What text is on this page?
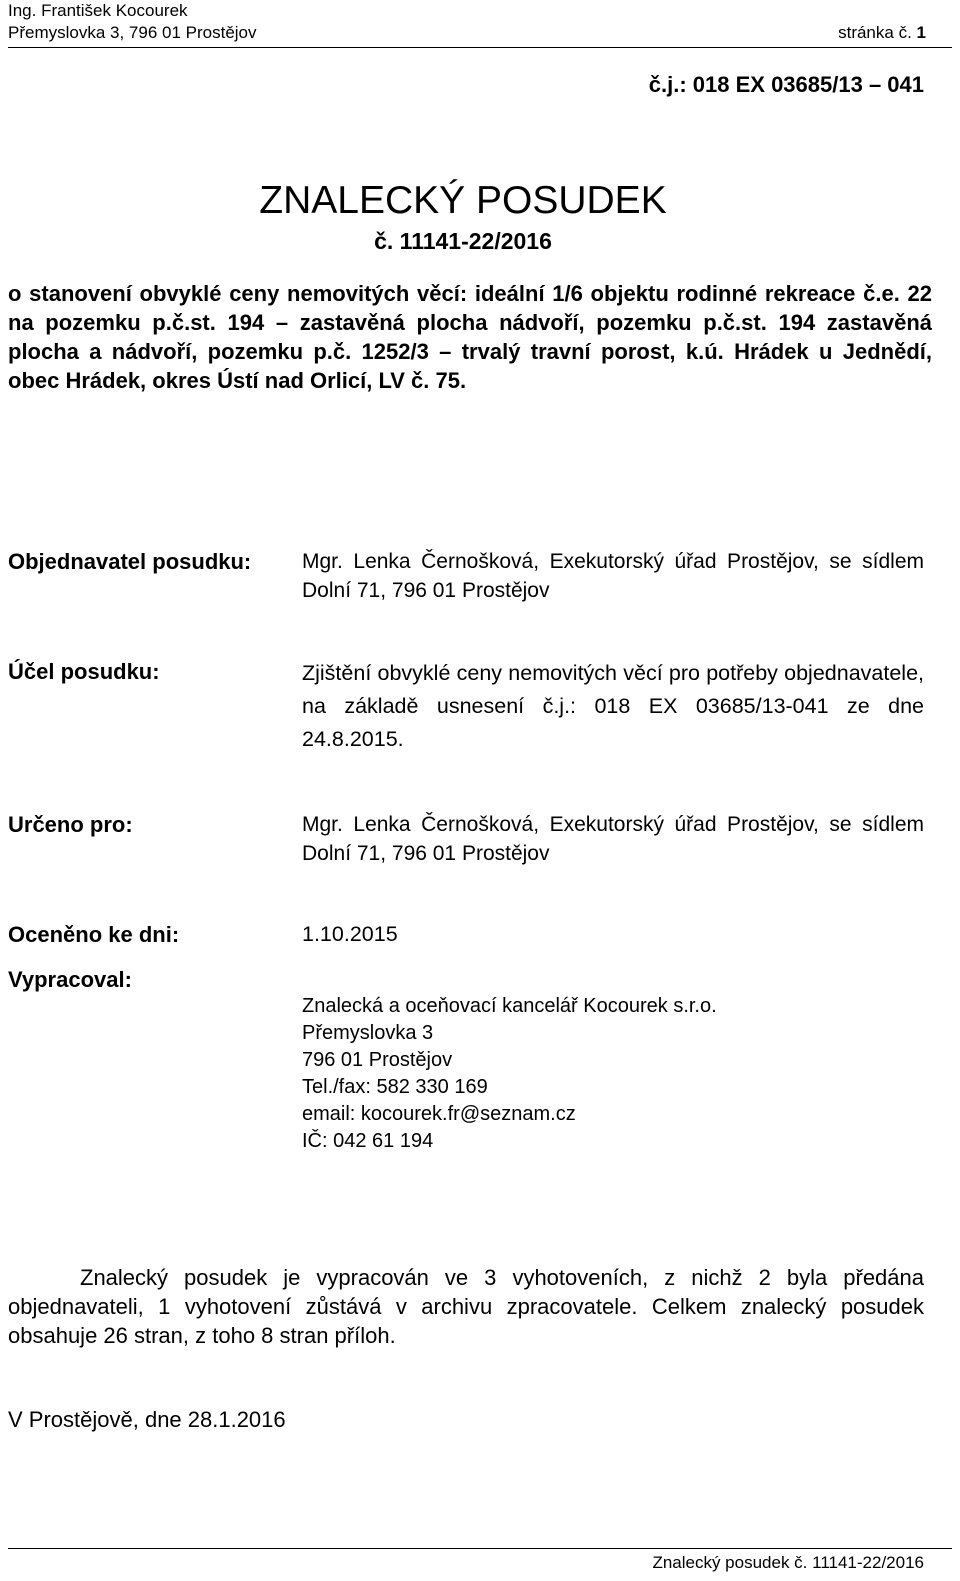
Ing. František Kocourek
Přemyslovka 3, 796 01 Prostějov	stránka č. 1
č.j.: 018 EX 03685/13 – 041
ZNALECKÝ POSUDEK
č. 11141-22/2016
o stanovení obvyklé ceny nemovitých věcí: ideální 1/6 objektu rodinné rekreace č.e. 22 na pozemku p.č.st. 194 – zastavěná plocha nádvoří, pozemku p.č.st. 194 zastavěná plocha a nádvoří, pozemku p.č. 1252/3 – trvalý travní porost, k.ú. Hrádek u Jednědí, obec Hrádek, okres Ústí nad Orlicí, LV č. 75.
Objednavatel posudku: Mgr. Lenka Černošková, Exekutorský úřad Prostějov, se sídlem Dolní 71, 796 01 Prostějov
Účel posudku:	Zjištění obvyklé ceny nemovitých věcí pro potřeby objednavatele, na základě usnesení č.j.: 018 EX 03685/13-041 ze dne 24.8.2015.
Určeno pro:	Mgr. Lenka Černošková, Exekutorský úřad Prostějov, se sídlem Dolní 71, 796 01 Prostějov
Oceněno ke dni:	1.10.2015
Vypracoval:
Znalecká a oceňovací kancelář Kocourek s.r.o.
Přemyslovka 3
796 01 Prostějov
Tel./fax: 582 330 169
email: kocourek.fr@seznam.cz
IČ: 042 61 194
Znalecký posudek je vypracován ve 3 vyhotoveních, z nichž 2 byla předána objednavateli, 1 vyhotovení zůstává v archivu zpracovatele. Celkem znalecký posudek obsahuje 26 stran, z toho 8 stran příloh.
V Prostějově, dne 28.1.2016
Znalecký posudek č. 11141-22/2016
